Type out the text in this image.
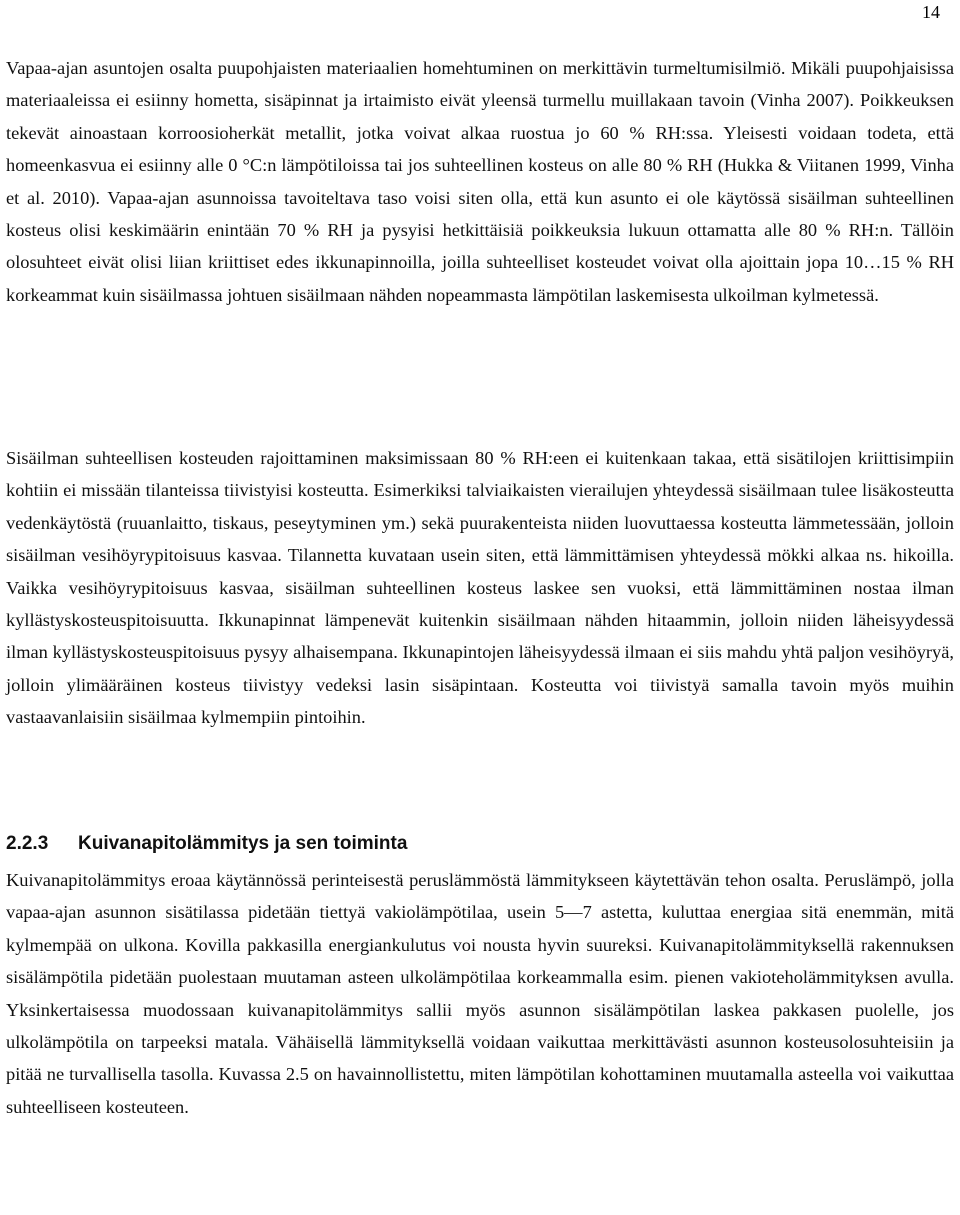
14

Vapaa-ajan asuntojen osalta puupohjaisten materiaalien homehtuminen on merkittävin turmeltumisilmiö. Mikäli puupohjaisissa materiaaleissa ei esiinny hometta, sisäpinnat ja irtaimisto eivät yleensä turmellu muillakaan tavoin (Vinha 2007). Poikkeuksen tekevät ainoastaan korroosioherkät metallit, jotka voivat alkaa ruostua jo 60 % RH:ssa. Yleisesti voidaan todeta, että homeenkasvua ei esiinny alle 0 °C:n lämpötiloissa tai jos suhteellinen kosteus on alle 80 % RH (Hukka & Viitanen 1999, Vinha et al. 2010). Vapaa-ajan asunnoissa tavoiteltava taso voisi siten olla, että kun asunto ei ole käytössä sisäilman suhteellinen kosteus olisi keskimäärin enintään 70 % RH ja pysyisi hetkittäisiä poikkeuksia lukuun ottamatta alle 80 % RH:n. Tällöin olosuhteet eivät olisi liian kriittiset edes ikkunapinnoilla, joilla suhteelliset kosteudet voivat olla ajoittain jopa 10…15 % RH korkeammat kuin sisäilmassa johtuen sisäilmaan nähden nopeammasta lämpötilan laskemisesta ulkoilman kylmetessä.

Sisäilman suhteellisen kosteuden rajoittaminen maksimissaan 80 % RH:een ei kuitenkaan takaa, että sisätilojen kriittisimpiin kohtiin ei missään tilanteissa tiivistyisi kosteutta. Esimerkiksi talviaikaisten vierailujen yhteydessä sisäilmaan tulee lisäkosteutta vedenkäytöstä (ruuanlaitto, tiskaus, peseytyminen ym.) sekä puurakenteista niiden luovuttaessa kosteutta lämmetessään, jolloin sisäilman vesihöyrypitoisuus kasvaa. Tilannetta kuvataan usein siten, että lämmittämisen yhteydessä mökki alkaa ns. hikoilla. Vaikka vesihöyrypitoisuus kasvaa, sisäilman suhteellinen kosteus laskee sen vuoksi, että lämmittäminen nostaa ilman kyllästyskosteuspitoisuutta. Ikkunapinnat lämpenevät kuitenkin sisäilmaan nähden hitaammin, jolloin niiden läheisyydessä ilman kyllästyskosteuspitoisuus pysyy alhaisempana. Ikkunapintojen läheisyydessä ilmaan ei siis mahdu yhtä paljon vesihöyryä, jolloin ylimääräinen kosteus tiivistyy vedeksi lasin sisäpintaan. Kosteutta voi tiivistyä samalla tavoin myös muihin vastaavanlaisiin sisäilmaa kylmempiin pintoihin.

2.2.3 Kuivanapitolämmitys ja sen toiminta

Kuivanapitolämmitys eroaa käytännössä perinteisestä peruslämmöstä lämmitykseen käytettävän tehon osalta. Peruslämpö, jolla vapaa-ajan asunnon sisätilassa pidetään tiettyä vakiolämpötilaa, usein 5—7 astetta, kuluttaa energiaa sitä enemmän, mitä kylmempää on ulkona. Kovilla pakkasilla energiankulutus voi nousta hyvin suureksi. Kuivanapitolämmityksellä rakennuksen sisälämpötila pidetään puolestaan muutaman asteen ulkolämpötilaa korkeammalla esim. pienen vakioteholämmityksen avulla. Yksinkertaisessa muodossaan kuivanapitolämmitys sallii myös asunnon sisälämpötilan laskea pakkasen puolelle, jos ulkolämpötila on tarpeeksi matala. Vähäisellä lämmityksellä voidaan vaikuttaa merkittävästi asunnon kosteusolosuhteisiin ja pitää ne turvallisella tasolla. Kuvassa 2.5 on havainnollistettu, miten lämpötilan kohottaminen muutamalla asteella voi vaikuttaa suhteelliseen kosteuteen.
